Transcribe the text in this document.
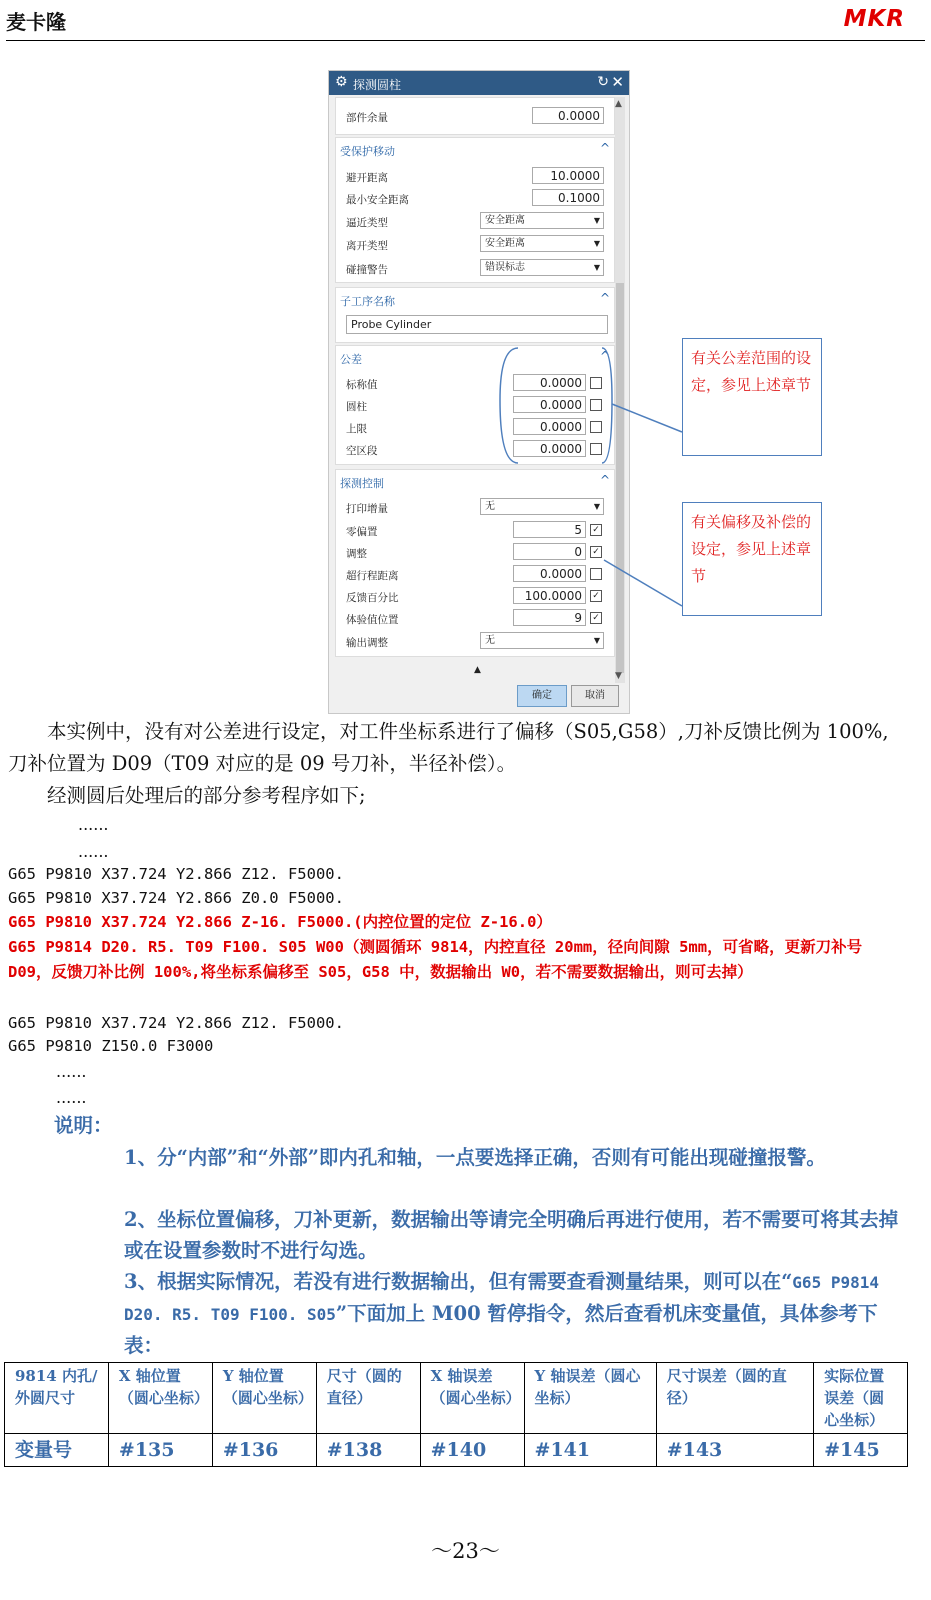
麦卡隆	MKR
⚙ 探测圆柱	↻ ✕
▲
▼
部件余量	0.0000
受保护移动	^
避开距离	10.0000
最小安全距离	0.1000
逼近类型	安全距离	▼
离开类型	安全距离	▼
碰撞警告	错误标志	▼
子工序名称	^
Probe Cylinder
公差	^
标称值	0.0000
圆柱	0.0000
上限	0.0000
空区段	0.0000
探测控制	^
打印增量	无	▼
零偏置	5	✓
调整	0	✓
超行程距离	0.0000
反馈百分比	100.0000	✓
体验值位置	9	✓
输出调整	无	▼
▲
确定	取消
有关公差范围的设定，参见上述章节
有关偏移及补偿的设定，参见上述章节
本实例中，没有对公差进行设定，对工件坐标系进行了偏移（S05,G58）,刀补反馈比例为 100%,刀补位置为 D09（T09 对应的是 09 号刀补，半径补偿）。
经测圆后处理后的部分参考程序如下;
......
......
G65 P9810 X37.724 Y2.866 Z12. F5000.
G65 P9810 X37.724 Y2.866 Z0.0 F5000.
G65 P9810 X37.724 Y2.866 Z-16. F5000.(内控位置的定位 Z-16.0）
G65 P9814 D20. R5. T09 F100. S05 W00（测圆循环 9814，内控直径 20mm，径向间隙 5mm，可省略，更新刀补号 D09，反馈刀补比例 100%,将坐标系偏移至 S05，G58 中，数据输出 W0，若不需要数据输出，则可去掉）
G65 P9810 X37.724 Y2.866 Z12. F5000.
G65 P9810 Z150.0 F3000
......
......
说明：
1、分“内部”和“外部”即内孔和轴，一点要选择正确，否则有可能出现碰撞报警。
2、坐标位置偏移，刀补更新，数据输出等请完全明确后再进行使用，若不需要可将其去掉或在设置参数时不进行勾选。
3、根据实际情况，若没有进行数据输出，但有需要查看测量结果，则可以在“G65 P9814 D20. R5. T09 F100. S05”下面加上 M00 暂停指令，然后查看机床变量值，具体参考下表：
9814 内孔/外圆尺寸	X 轴位置（圆心坐标）	Y 轴位置（圆心坐标）	尺寸（圆的直径）	X 轴误差（圆心坐标）	Y 轴误差（圆心坐标）	尺寸误差（圆的直径）	实际位置误差（圆心坐标）
变量号	#135	#136	#138	#140	#141	#143	#145
～23～
